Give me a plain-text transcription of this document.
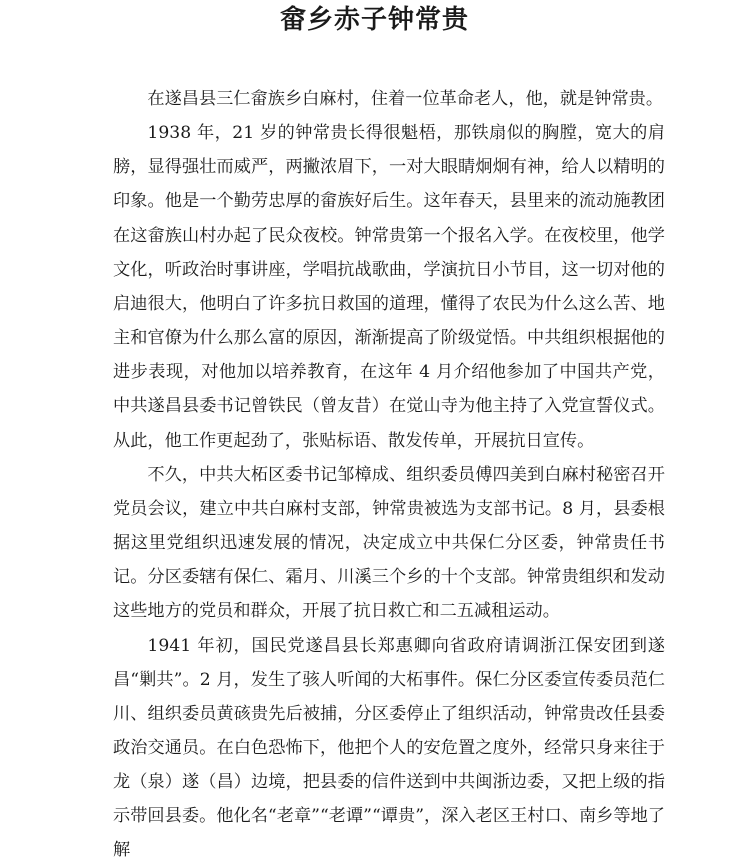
畲乡赤子钟常贵

在遂昌县三仁畲族乡白麻村，住着一位革命老人，他，就是钟常贵。

1938 年，21 岁的钟常贵长得很魁梧，那铁扇似的胸膛，宽大的肩膀，显得强壮而威严，两撇浓眉下，一对大眼睛炯炯有神，给人以精明的印象。他是一个勤劳忠厚的畲族好后生。这年春天，县里来的流动施教团在这畲族山村办起了民众夜校。钟常贵第一个报名入学。在夜校里，他学文化，听政治时事讲座，学唱抗战歌曲，学演抗日小节目，这一切对他的启迪很大，他明白了许多抗日救国的道理，懂得了农民为什么这么苦、地主和官僚为什么那么富的原因，渐渐提高了阶级觉悟。中共组织根据他的进步表现，对他加以培养教育，在这年 4 月介绍他参加了中国共产党，中共遂昌县委书记曾铁民（曾友昔）在觉山寺为他主持了入党宣誓仪式。从此，他工作更起劲了，张贴标语、散发传单，开展抗日宣传。

不久，中共大柘区委书记邹樟成、组织委员傅四美到白麻村秘密召开党员会议，建立中共白麻村支部，钟常贵被选为支部书记。8 月，县委根据这里党组织迅速发展的情况，决定成立中共保仁分区委，钟常贵任书记。分区委辖有保仁、霜月、川溪三个乡的十个支部。钟常贵组织和发动这些地方的党员和群众，开展了抗日救亡和二五减租运动。

1941 年初，国民党遂昌县长郑惠卿向省政府请调浙江保安团到遂昌“剿共”。2 月，发生了骇人听闻的大柘事件。保仁分区委宣传委员范仁川、组织委员黄硋贵先后被捕，分区委停止了组织活动，钟常贵改任县委政治交通员。在白色恐怖下，他把个人的安危置之度外，经常只身来往于龙（泉）遂（昌）边境，把县委的信件送到中共闽浙边委，又把上级的指示带回县委。他化名“老章”“老谭”“谭贵”，深入老区王村口、南乡等地了解
